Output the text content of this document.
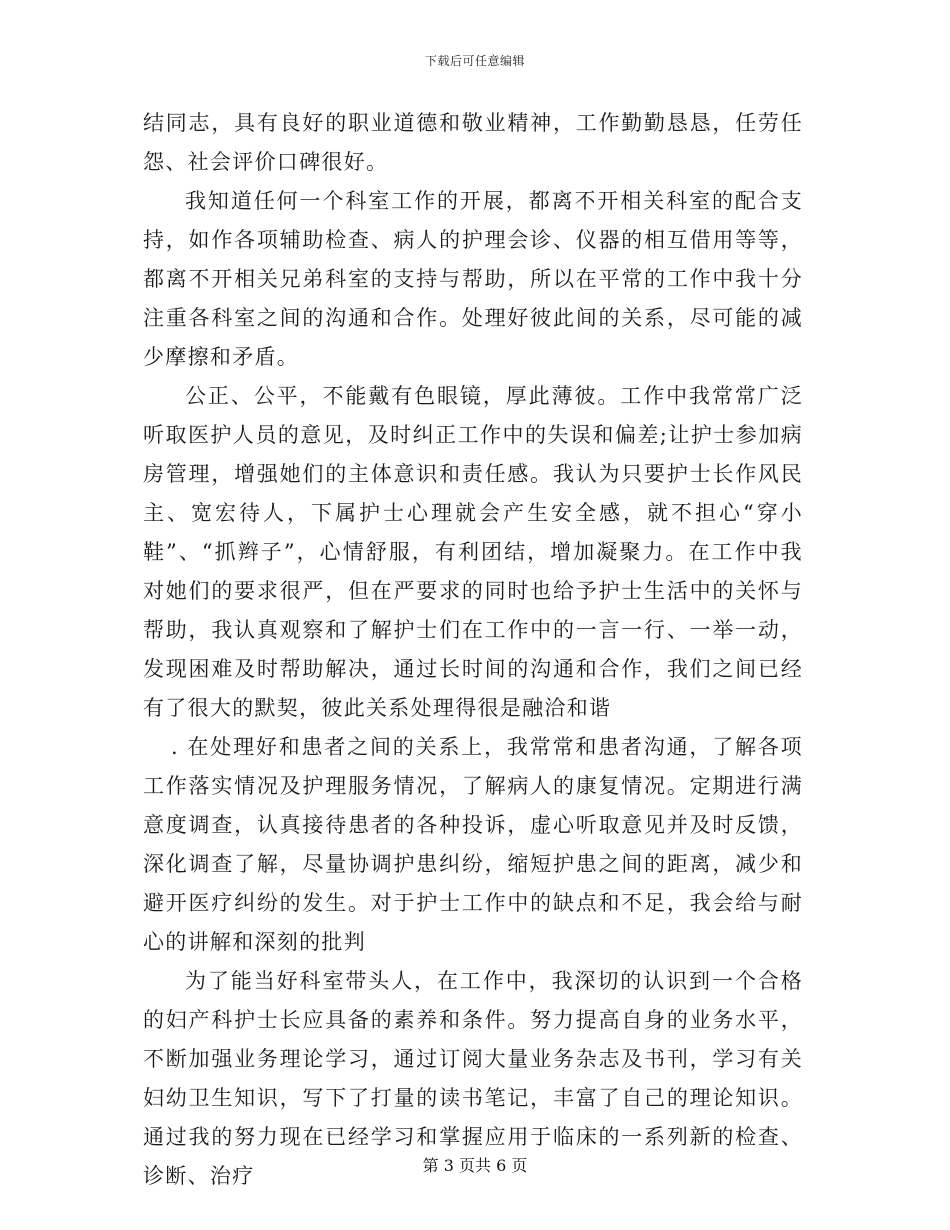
下载后可任意编辑

结同志，具有良好的职业道德和敬业精神，工作勤勤恳恳，任劳任怨、社会评价口碑很好。

我知道任何一个科室工作的开展，都离不开相关科室的配合支持，如作各项辅助检查、病人的护理会诊、仪器的相互借用等等，都离不开相关兄弟科室的支持与帮助，所以在平常的工作中我十分注重各科室之间的沟通和合作。处理好彼此间的关系，尽可能的减少摩擦和矛盾。

公正、公平，不能戴有色眼镜，厚此薄彼。工作中我常常广泛听取医护人员的意见，及时纠正工作中的失误和偏差;让护士参加病房管理，增强她们的主体意识和责任感。我认为只要护士长作风民主、宽宏待人，下属护士心理就会产生安全感，就不担心“穿小鞋”、“抓辫子”，心情舒服，有利团结，增加凝聚力。在工作中我对她们的要求很严，但在严要求的同时也给予护士生活中的关怀与帮助，我认真观察和了解护士们在工作中的一言一行、一举一动，发现困难及时帮助解决，通过长时间的沟通和合作，我们之间已经有了很大的默契，彼此关系处理得很是融洽和谐

. 在处理好和患者之间的关系上，我常常和患者沟通，了解各项工作落实情况及护理服务情况，了解病人的康复情况。定期进行满意度调查，认真接待患者的各种投诉，虚心听取意见并及时反馈，深化调查了解，尽量协调护患纠纷，缩短护患之间的距离，减少和避开医疗纠纷的发生。对于护士工作中的缺点和不足，我会给与耐心的讲解和深刻的批判

为了能当好科室带头人，在工作中，我深切的认识到一个合格的妇产科护士长应具备的素养和条件。努力提高自身的业务水平，不断加强业务理论学习，通过订阅大量业务杂志及书刊，学习有关妇幼卫生知识，写下了打量的读书笔记，丰富了自己的理论知识。通过我的努力现在已经学习和掌握应用于临床的一系列新的检查、诊断、治疗	第 3 页共 6 页
